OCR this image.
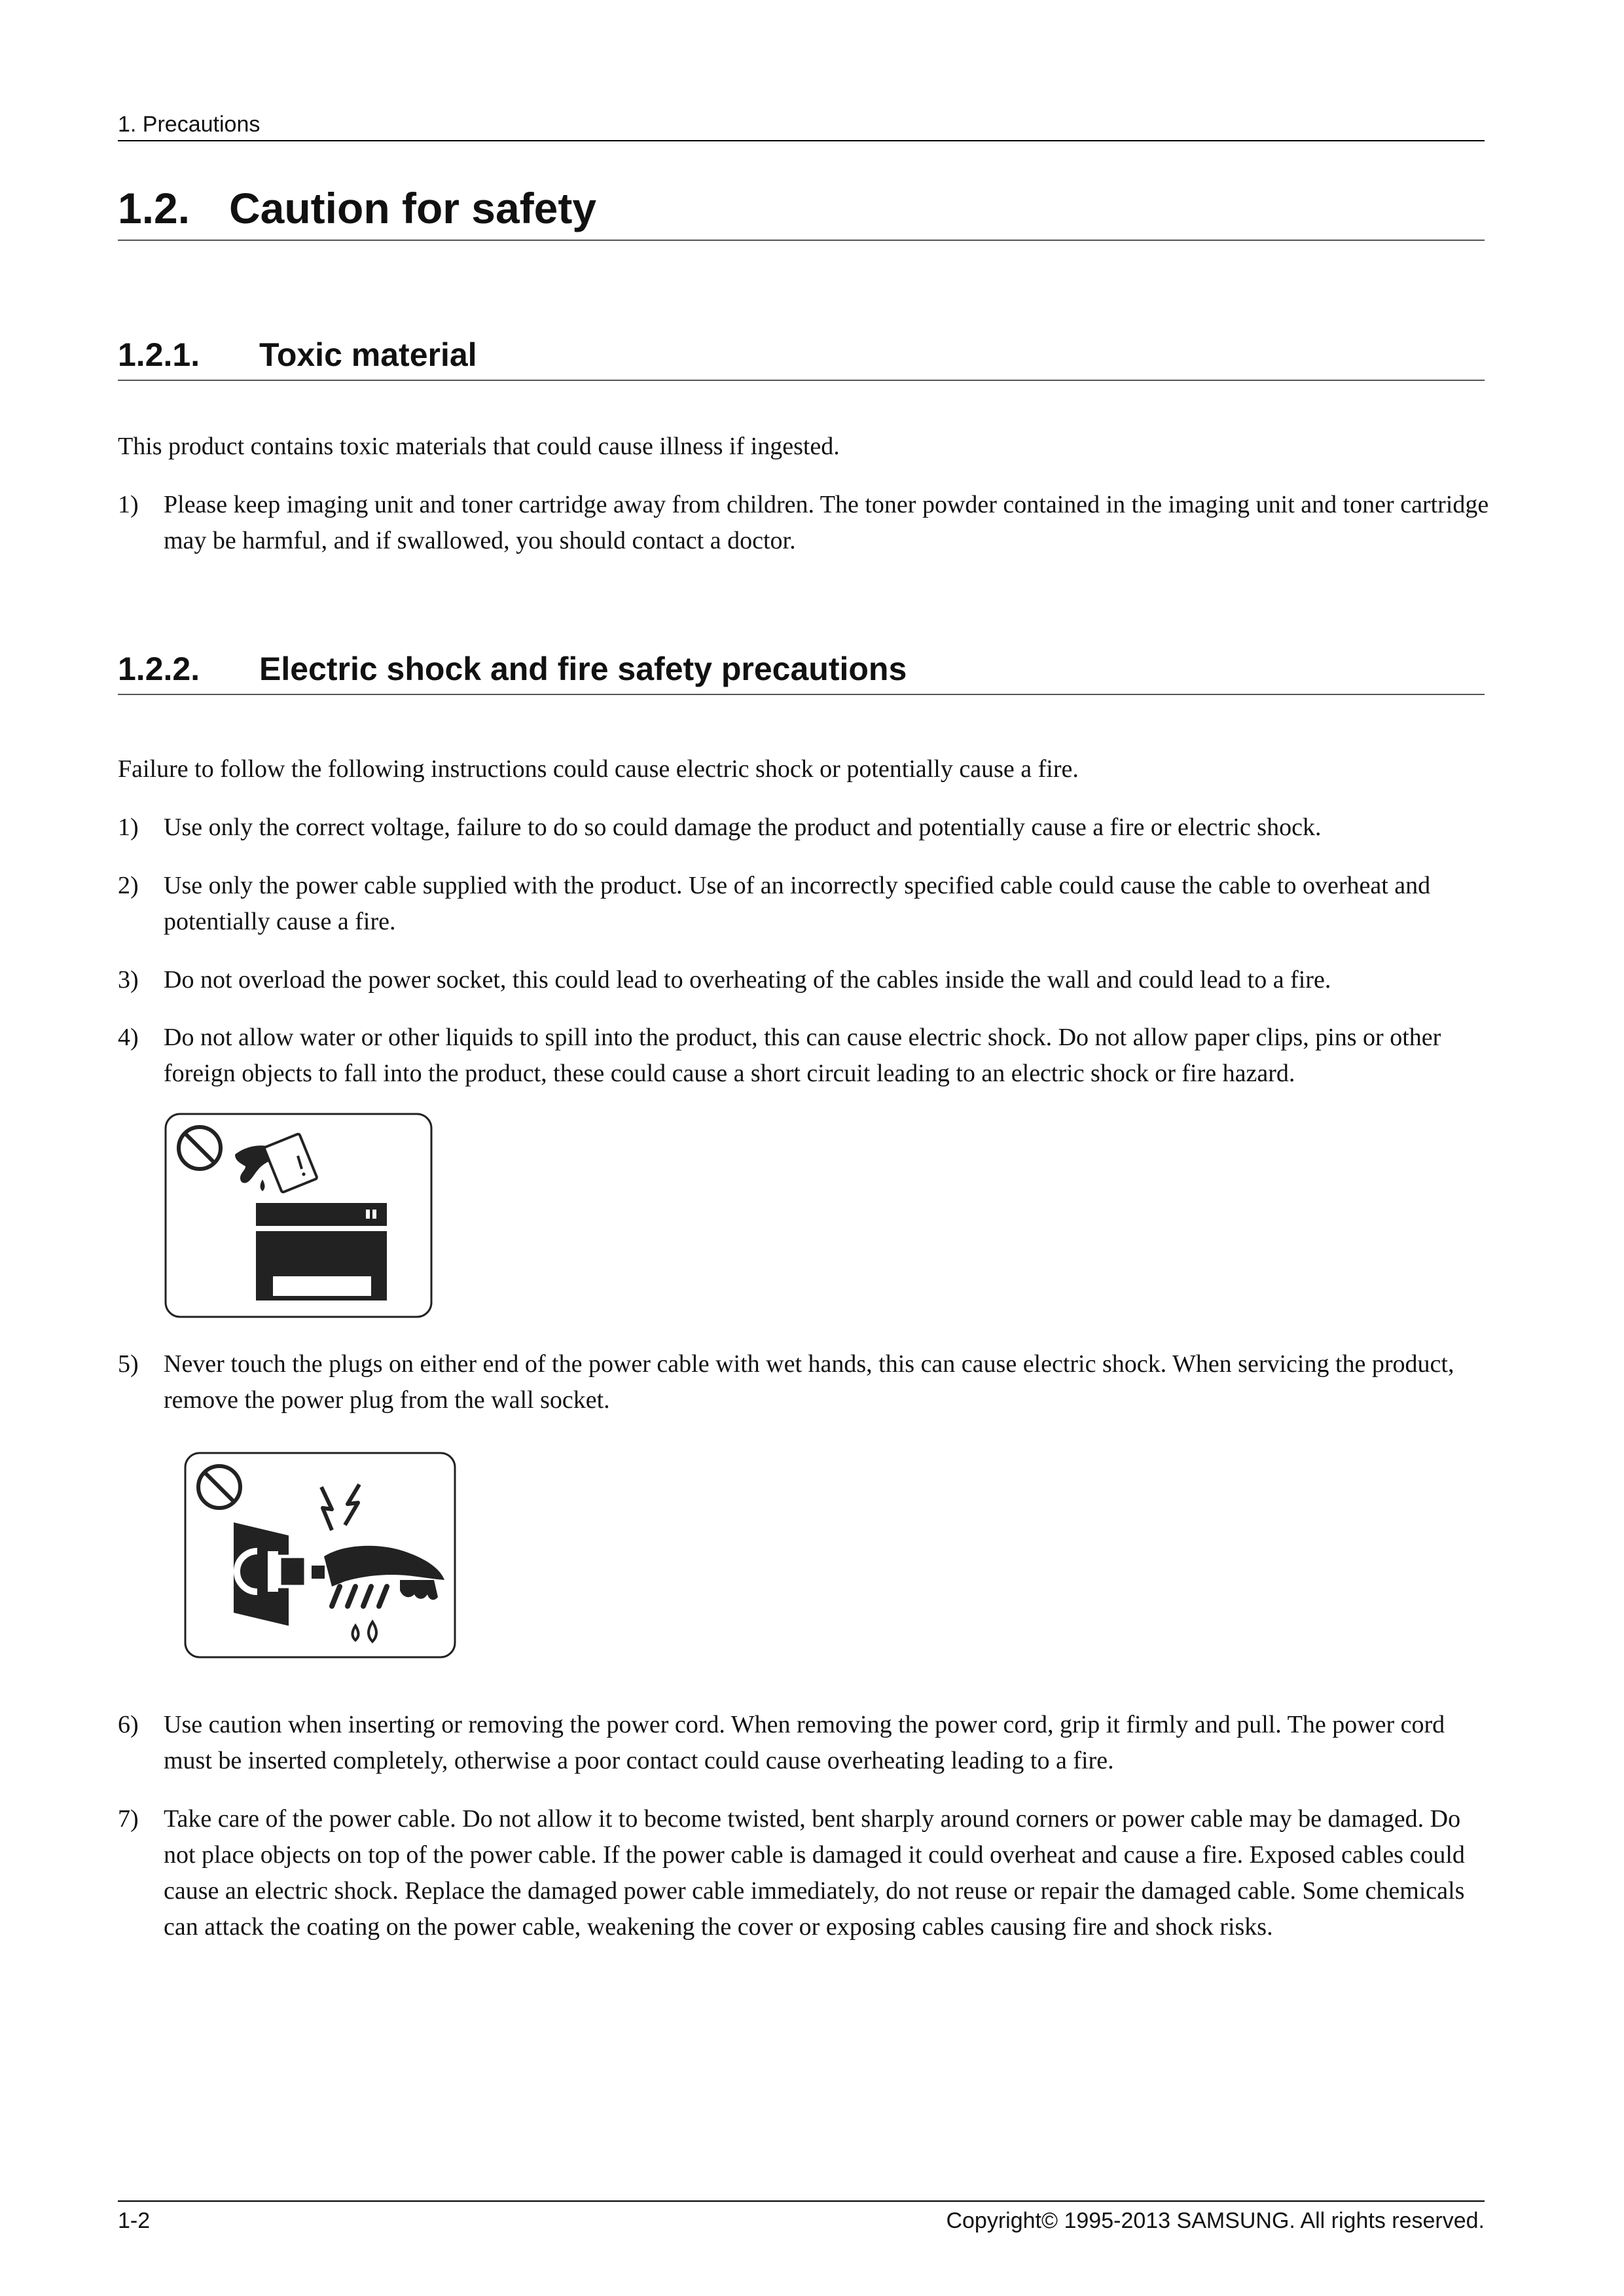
1. Precautions
1.2. Caution for safety
1.2.1. Toxic material
This product contains toxic materials that could cause illness if ingested.
1)	Please keep imaging unit and toner cartridge away from children. The toner powder contained in the imaging unit and toner cartridge may be harmful, and if swallowed, you should contact a doctor.
1.2.2. Electric shock and fire safety precautions
Failure to follow the following instructions could cause electric shock or potentially cause a fire.
1)	Use only the correct voltage, failure to do so could damage the product and potentially cause a fire or electric shock.
2)	Use only the power cable supplied with the product. Use of an incorrectly specified cable could cause the cable to overheat and potentially cause a fire.
3)	Do not overload the power socket, this could lead to overheating of the cables inside the wall and could lead to a fire.
4)	Do not allow water or other liquids to spill into the product, this can cause electric shock. Do not allow paper clips, pins or other foreign objects to fall into the product, these could cause a short circuit leading to an electric shock or fire hazard.
5)	Never touch the plugs on either end of the power cable with wet hands, this can cause electric shock. When servicing the product, remove the power plug from the wall socket.
6)	Use caution when inserting or removing the power cord. When removing the power cord, grip it firmly and pull. The power cord must be inserted completely, otherwise a poor contact could cause overheating leading to a fire.
7)	Take care of the power cable. Do not allow it to become twisted, bent sharply around corners or power cable may be damaged. Do not place objects on top of the power cable. If the power cable is damaged it could overheat and cause a fire. Exposed cables could cause an electric shock. Replace the damaged power cable immediately, do not reuse or repair the damaged cable. Some chemicals can attack the coating on the power cable, weakening the cover or exposing cables causing fire and shock risks.
1-2	Copyright© 1995-2013 SAMSUNG. All rights reserved.
